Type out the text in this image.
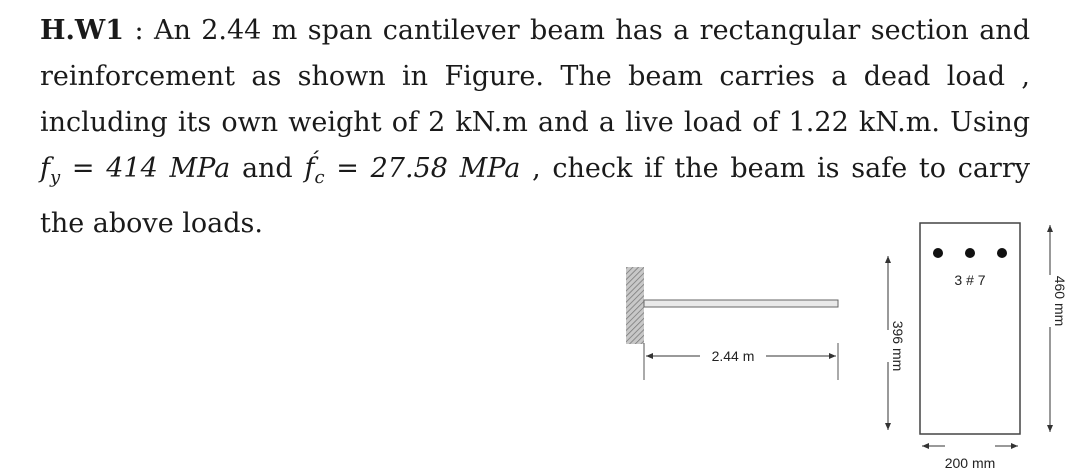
H.W1 : An 2.44 m span cantilever beam has a rectangular section and

reinforcement as shown in Figure. The beam carries a dead load ,

including its own weight of 2 kN.m and a live load of 1.22 kN.m. Using

$f_y = 414$ MPa and $f́_c = 27.58$ MPa , check if the beam is safe to carry

the above loads.

2.44 m
3 # 7
396 mm
460 mm
200 mm
